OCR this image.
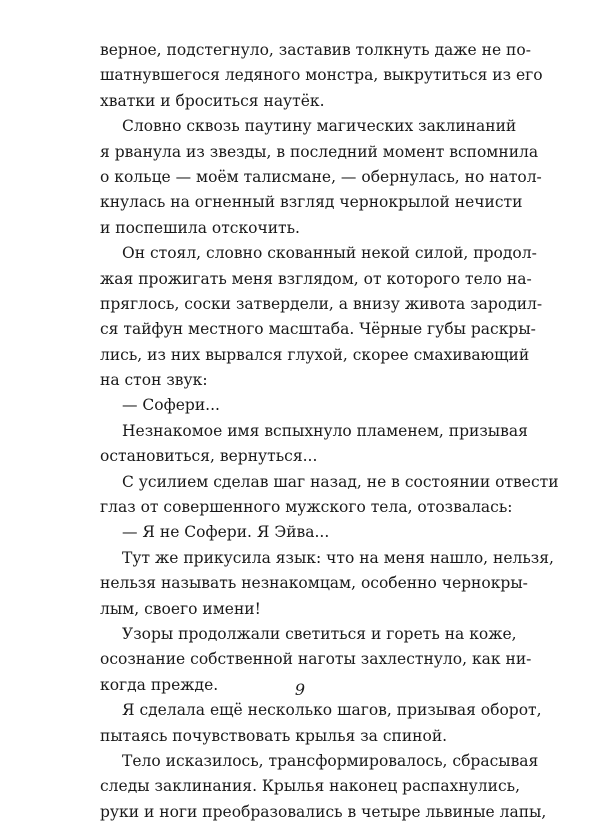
верное, подстегнуло, заставив толкнуть даже не по-
шатнувшегося ледяного монстра, выкрутиться из его
хватки и броситься наутёк.
Словно сквозь паутину магических заклинаний
я рванула из звезды, в последний момент вспомнила
о кольце — моём талисмане, — обернулась, но натол-
кнулась на огненный взгляд чернокрылой нечисти
и поспешила отскочить.
Он стоял, словно скованный некой силой, продол-
жая прожигать меня взглядом, от которого тело на-
пряглось, соски затвердели, а внизу живота зародил-
ся тайфун местного масштаба. Чёрные губы раскры-
лись, из них вырвался глухой, скорее смахивающий
на стон звук:
— Софери...
Незнакомое имя вспыхнуло пламенем, призывая
остановиться, вернуться...
С усилием сделав шаг назад, не в состоянии отвести
глаз от совершенного мужского тела, отозвалась:
— Я не Софери. Я Эйва...
Тут же прикусила язык: что на меня нашло, нельзя,
нельзя называть незнакомцам, особенно чернокры-
лым, своего имени!
Узоры продолжали светиться и гореть на коже,
осознание собственной наготы захлестнуло, как ни-
когда прежде.
Я сделала ещё несколько шагов, призывая оборот,
пытаясь почувствовать крылья за спиной.
Тело исказилось, трансформировалось, сбрасывая
следы заклинания. Крылья наконец распахнулись,
руки и ноги преобразовались в четыре львиные лапы,
9
